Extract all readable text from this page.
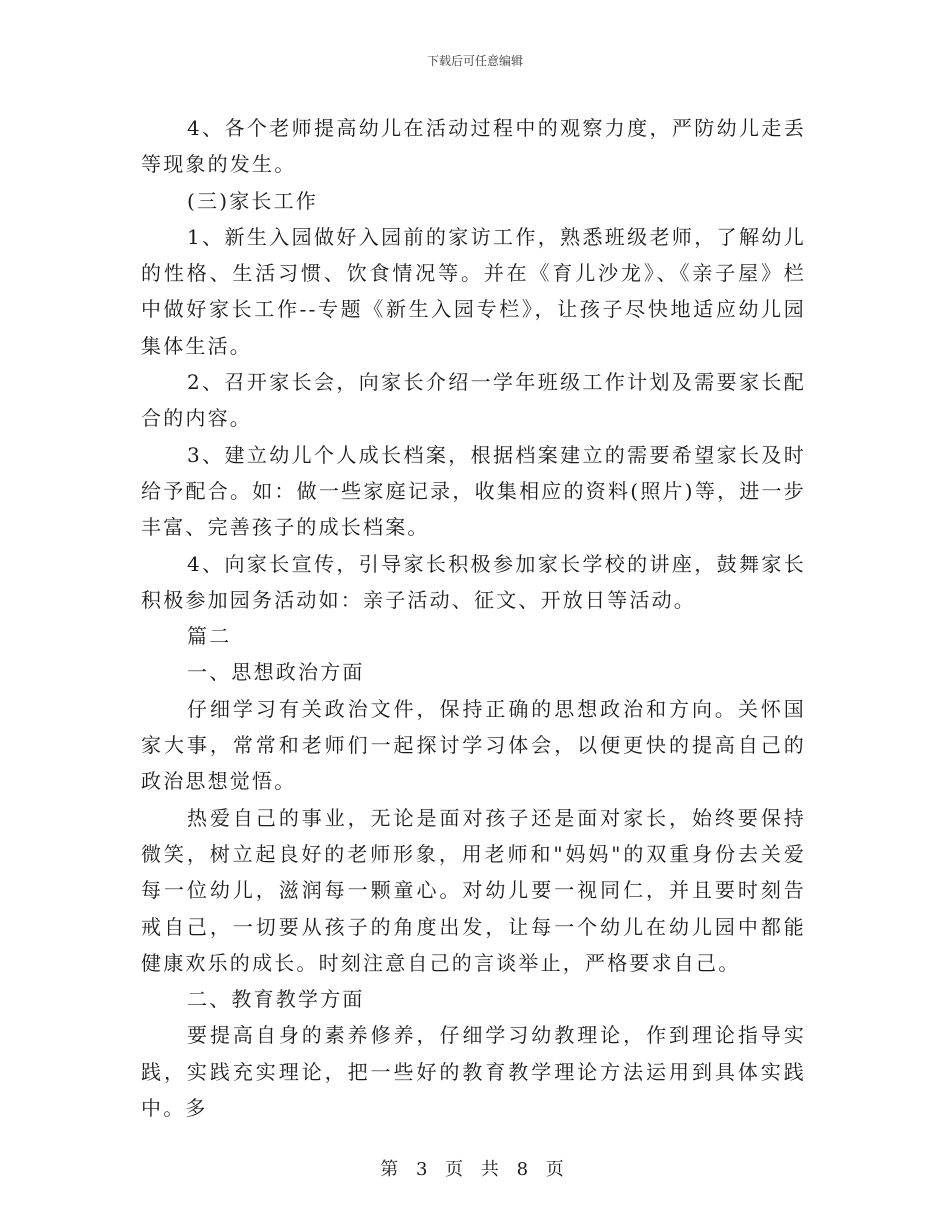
下载后可任意编辑

4、各个老师提高幼儿在活动过程中的观察力度，严防幼儿走丢等现象的发生。

(三)家长工作

1、新生入园做好入园前的家访工作，熟悉班级老师，了解幼儿的性格、生活习惯、饮食情况等。并在《育儿沙龙》、《亲子屋》栏中做好家长工作--专题《新生入园专栏》，让孩子尽快地适应幼儿园集体生活。

2、召开家长会，向家长介绍一学年班级工作计划及需要家长配合的内容。

3、建立幼儿个人成长档案，根据档案建立的需要希望家长及时给予配合。如：做一些家庭记录，收集相应的资料(照片)等，进一步丰富、完善孩子的成长档案。

4、向家长宣传，引导家长积极参加家长学校的讲座，鼓舞家长积极参加园务活动如：亲子活动、征文、开放日等活动。

篇二

一、思想政治方面

仔细学习有关政治文件，保持正确的思想政治和方向。关怀国家大事，常常和老师们一起探讨学习体会，以便更快的提高自己的政治思想觉悟。

热爱自己的事业，无论是面对孩子还是面对家长，始终要保持微笑，树立起良好的老师形象，用老师和"妈妈"的双重身份去关爱每一位幼儿，滋润每一颗童心。对幼儿要一视同仁，并且要时刻告戒自己，一切要从孩子的角度出发，让每一个幼儿在幼儿园中都能健康欢乐的成长。时刻注意自己的言谈举止，严格要求自己。

二、教育教学方面

要提高自身的素养修养，仔细学习幼教理论，作到理论指导实践，实践充实理论，把一些好的教育教学理论方法运用到具体实践中。多

第 3 页 共 8 页
